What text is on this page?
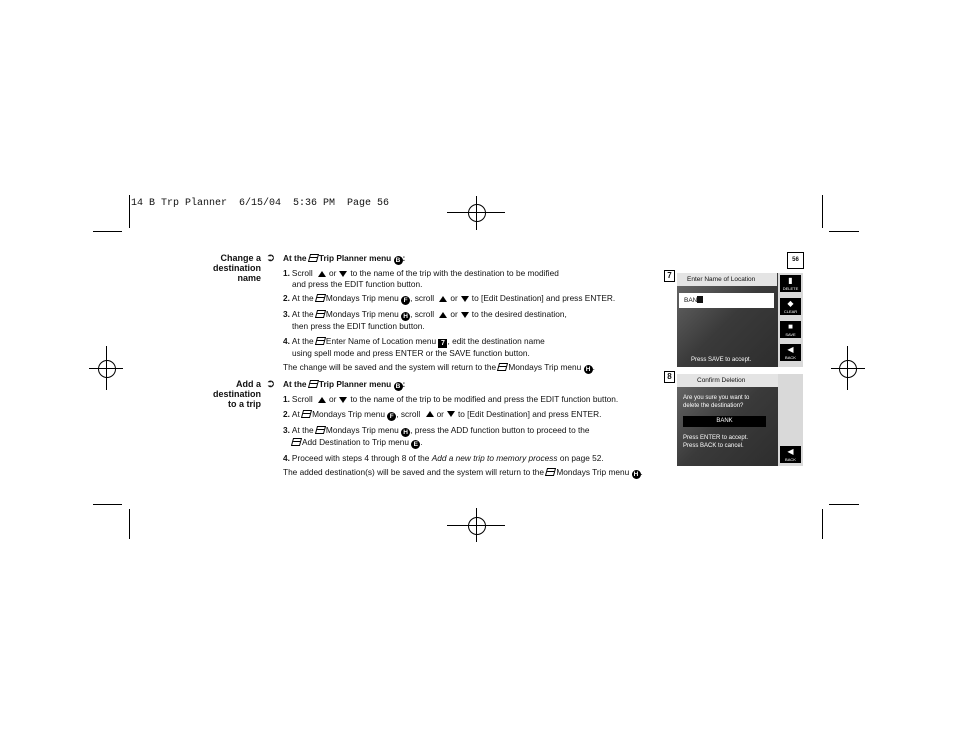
14 B Trp Planner  6/15/04  5:36 PM  Page 56
Change a
destination
name
➲ At the Trip Planner menu B :
1. Scroll or to the name of the trip with the destination to be modified
and press the EDIT function button.
2. At the Mondays Trip menu F , scroll or to [Edit Destination] and press ENTER.
3. At the Mondays Trip menu H , scroll or to the desired destination,
then press the EDIT function button.
4. At the Enter Name of Location menu 7 , edit the destination name
using spell mode and press ENTER or the SAVE function button.
The change will be saved and the system will return to the Mondays Trip menu H .
Add a
destination
to a trip
➲ At the Trip Planner menu B :
1. Scroll or to the name of the trip to be modified and press the EDIT function button.
2. At Mondays Trip menu F , scroll or to [Edit Destination] and press ENTER.
3. At the Mondays Trip menu H , press the ADD function button to proceed to the
Add Destination to Trip menu E .
4. Proceed with steps 4 through 8 of the Add a new trip to memory process on page 52.
The added destination(s) will be saved and the system will return to the Mondays Trip menu H .
56
7	Enter Name of Location
BAN
Press SAVE to accept.
▮
DELETE
◆
CLEAR
■
SAVE
◀
BACK
8	Confirm Deletion
Are you sure you want to
delete the destination?
BANK
Press ENTER to accept.
Press BACK to cancel.
◀
BACK
